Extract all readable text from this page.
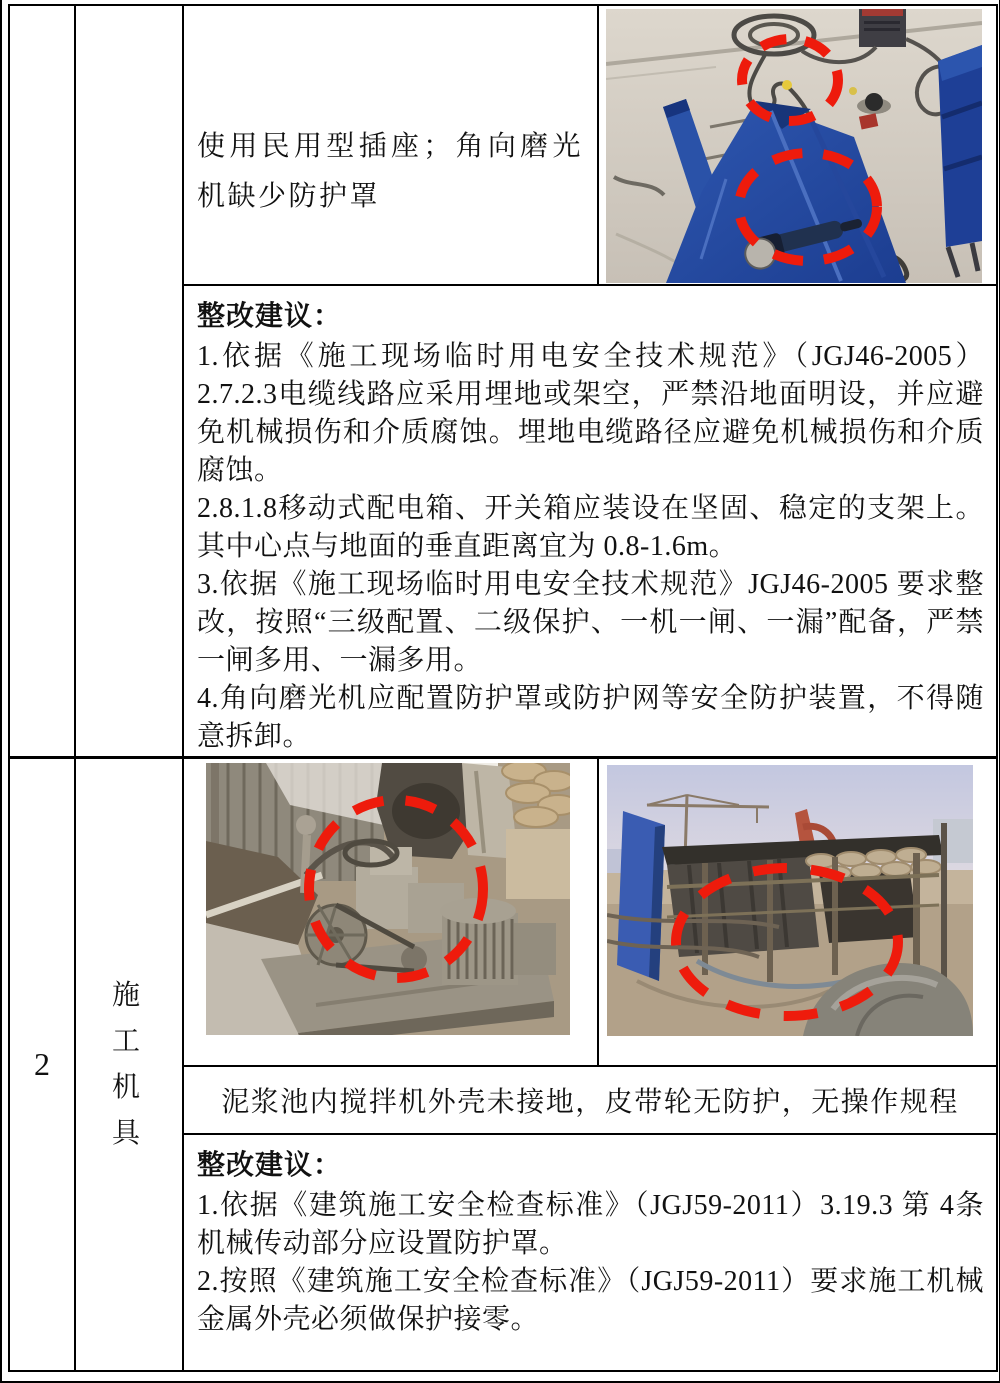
使用民用型插座；角向磨光机缺少防护罩
整改建议：

1.依据《施工现场临时用电安全技术规范》（JGJ46-2005）2.7.2.3电缆线路应采用埋地或架空，严禁沿地面明设，并应避免机械损伤和介质腐蚀。埋地电缆路径应避免机械损伤和介质腐蚀。

2.8.1.8移动式配电箱、开关箱应装设在坚固、稳定的支架上。其中心点与地面的垂直距离宜为 0.8-1.6m。

3.依据《施工现场临时用电安全技术规范》JGJ46-2005 要求整改，按照“三级配置、二级保护、一机一闸、一漏”配备，严禁一闸多用、一漏多用。

4.角向磨光机应配置防护罩或防护网等安全防护装置，不得随意拆卸。

2
施工机具
泥浆池内搅拌机外壳未接地，皮带轮无防护，无操作规程
整改建议：

1.依据《建筑施工安全检查标准》（JGJ59-2011）3.19.3 第 4条机械传动部分应设置防护罩。

2.按照《建筑施工安全检查标准》（JGJ59-2011）要求施工机械金属外壳必须做保护接零。
